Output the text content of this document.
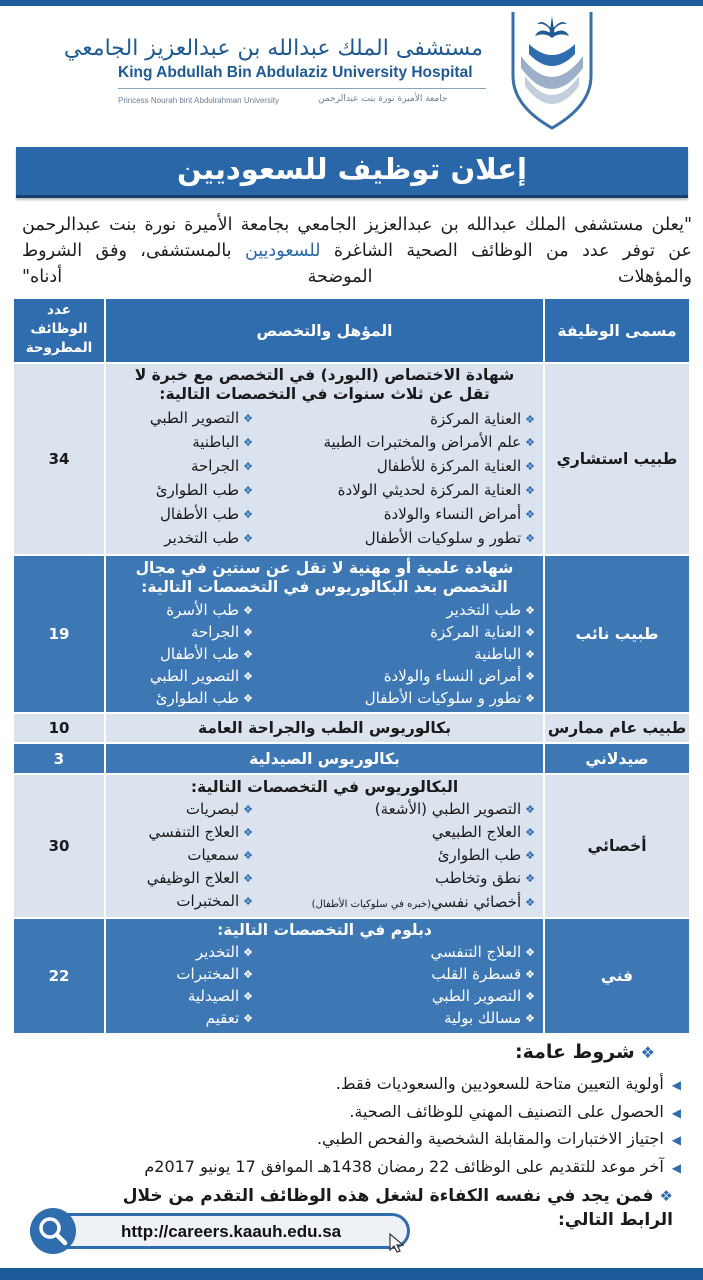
مستشفى الملك عبدالله بن عبدالعزيز الجامعي
King Abdullah Bin Abdulaziz University Hospital
Princess Nourah bint Abdulrahman University	جامعة الأميرة نورة بنت عبدالرحمن
إعلان توظيف للسعوديين
"يعلن مستشفى الملك عبدالله بن عبدالعزيز الجامعي بجامعة الأميرة نورة بنت عبدالرحمن عن توفر عدد من الوظائف الصحية الشاغرة للسعوديين بالمستشفى، وفق الشروط والمؤهلات الموضحة أدناه"
مسمى الوظيفة
المؤهل والتخصص
عدد
الوظائف
المطروحة
طبيب استشاري
شهادة الاختصاص (البورد) في التخصص مع خبرة لا
تقل عن ثلاث سنوات في التخصصات التالية:
❖العناية المركزة
❖علم الأمراض والمختبرات الطبية
❖العناية المركزة للأطفال
❖العناية المركزة لحديثي الولادة
❖أمراض النساء والولادة
❖تطور و سلوكيات الأطفال
❖التصوير الطبي
❖الباطنية
❖الجراحة
❖طب الطوارئ
❖طب الأطفال
❖طب التخدير
34
طبيب نائب
شهادة علمية أو مهنية لا تقل عن سنتين في مجال
التخصص بعد البكالوريوس في التخصصات التالية:
❖طب التخدير
❖العناية المركزة
❖الباطنية
❖أمراض النساء والولادة
❖تطور و سلوكيات الأطفال
❖طب الأسرة
❖الجراحة
❖طب الأطفال
❖التصوير الطبي
❖طب الطوارئ
19
طبيب عام ممارس
بكالوريوس الطب والجراحة العامة
10
صيدلاني
بكالوريوس الصيدلية
3
أخصائي
البكالوريوس في التخصصات التالية:
❖التصوير الطبي (الأشعة)
❖العلاج الطبيعي
❖طب الطوارئ
❖نطق وتخاطب
❖أخصائي نفسي(خبره في سلوكيات الأطفال)
❖لبصريات
❖العلاج التنفسي
❖سمعيات
❖العلاج الوظيفي
❖المختبرات
30
فني
دبلوم في التخصصات التالية:
❖العلاج التنفسي
❖قسطرة القلب
❖التصوير الطبي
❖مسالك بولية
❖التخدير
❖المختبرات
❖الصيدلية
❖تعقيم
22
❖شروط عامة:
◀أولوية التعيين متاحة للسعوديين والسعوديات فقط.
◀الحصول على التصنيف المهني للوظائف الصحية.
◀اجتياز الاختبارات والمقابلة الشخصية والفحص الطبي.
◀آخر موعد للتقديم على الوظائف 22 رمضان 1438هـ الموافق 17 يونيو 2017م
❖فمن يجد في نفسه الكفاءة لشغل هذه الوظائف التقدم من خلال
الرابط التالي:
http://careers.kaauh.edu.sa
